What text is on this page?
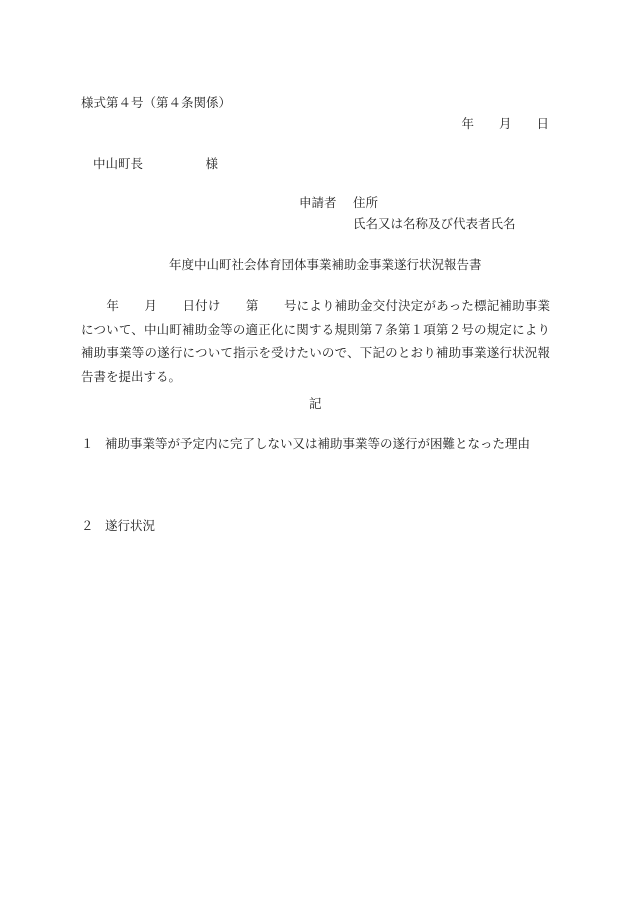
様式第４号（第４条関係）
年　　月　　日
中山町長　　　　　様
申請者 住所
氏名又は名称及び代表者氏名
年度中山町社会体育団体事業補助金事業遂行状況報告書
　　年　　月　　日付け　　第　　号により補助金交付決定があった標記補助事業について、中山町補助金等の適正化に関する規則第７条第１項第２号の規定により補助事業等の遂行について指示を受けたいので、下記のとおり補助事業遂行状況報告書を提出する。
記
１ 補助事業等が予定内に完了しない又は補助事業等の遂行が困難となった理由
２ 遂行状況
